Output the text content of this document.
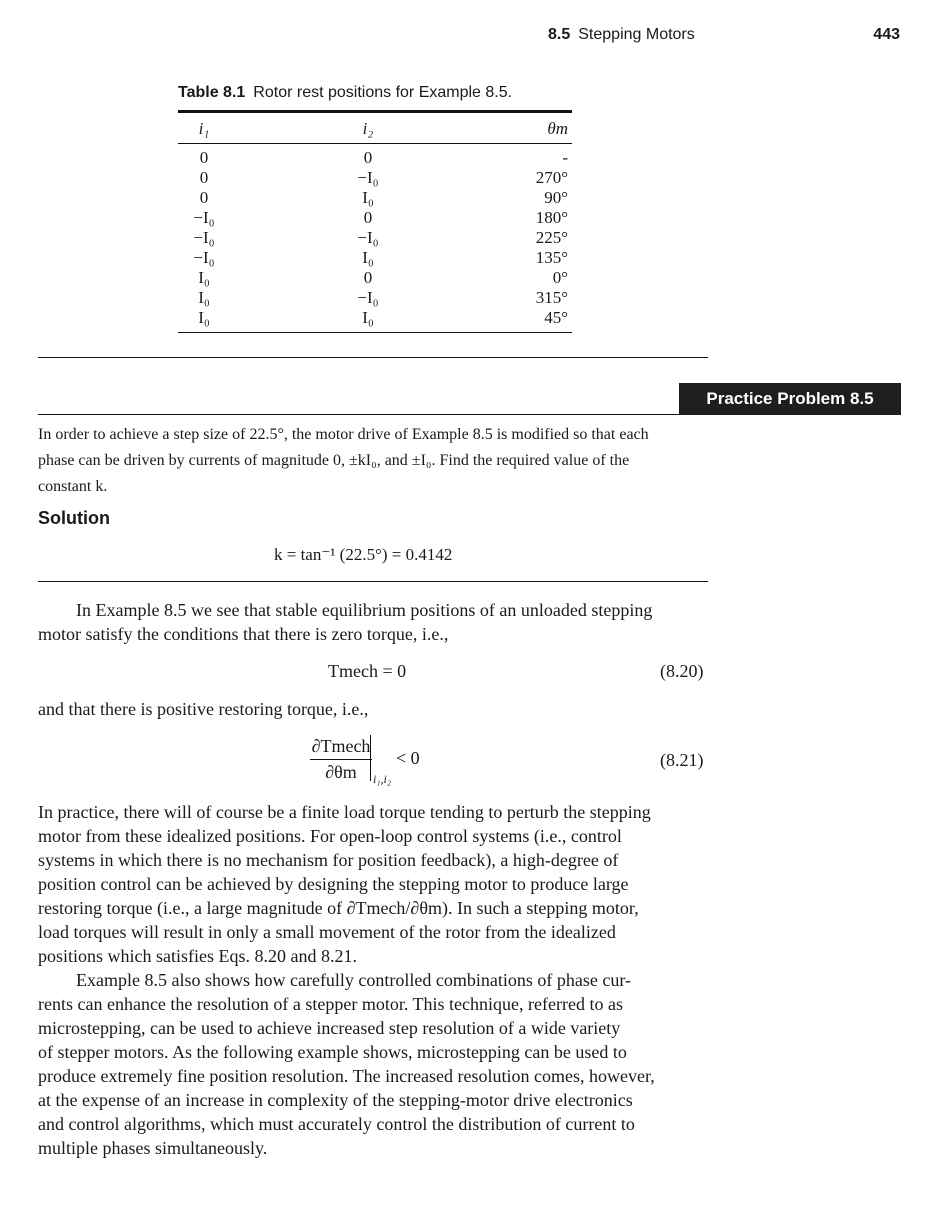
8.5 Stepping Motors	443
Table 8.1 Rotor rest positions for Example 8.5.
i₁	i₂	θm
0	0	-
0	−I₀	270°
0	I₀	90°
−I₀	0	180°
−I₀	−I₀	225°
−I₀	I₀	135°
I₀	0	0°
I₀	−I₀	315°
I₀	I₀	45°
Practice Problem 8.5
In order to achieve a step size of 22.5°, the motor drive of Example 8.5 is modified so that each
phase can be driven by currents of magnitude 0, ±kI₀, and ±I₀. Find the required value of the
constant k.
Solution
k = tan⁻¹ (22.5°) = 0.4142
In Example 8.5 we see that stable equilibrium positions of an unloaded stepping
motor satisfy the conditions that there is zero torque, i.e.,
Tmech = 0	(8.20)
and that there is positive restoring torque, i.e.,
∂Tmech
∂θm	i₁,i₂
< 0	(8.21)
In practice, there will of course be a finite load torque tending to perturb the stepping
motor from these idealized positions. For open-loop control systems (i.e., control
systems in which there is no mechanism for position feedback), a high-degree of
position control can be achieved by designing the stepping motor to produce large
restoring torque (i.e., a large magnitude of ∂Tmech/∂θm). In such a stepping motor,
load torques will result in only a small movement of the rotor from the idealized
positions which satisfies Eqs. 8.20 and 8.21.
Example 8.5 also shows how carefully controlled combinations of phase cur-
rents can enhance the resolution of a stepper motor. This technique, referred to as
microstepping, can be used to achieve increased step resolution of a wide variety
of stepper motors. As the following example shows, microstepping can be used to
produce extremely fine position resolution. The increased resolution comes, however,
at the expense of an increase in complexity of the stepping-motor drive electronics
and control algorithms, which must accurately control the distribution of current to
multiple phases simultaneously.
